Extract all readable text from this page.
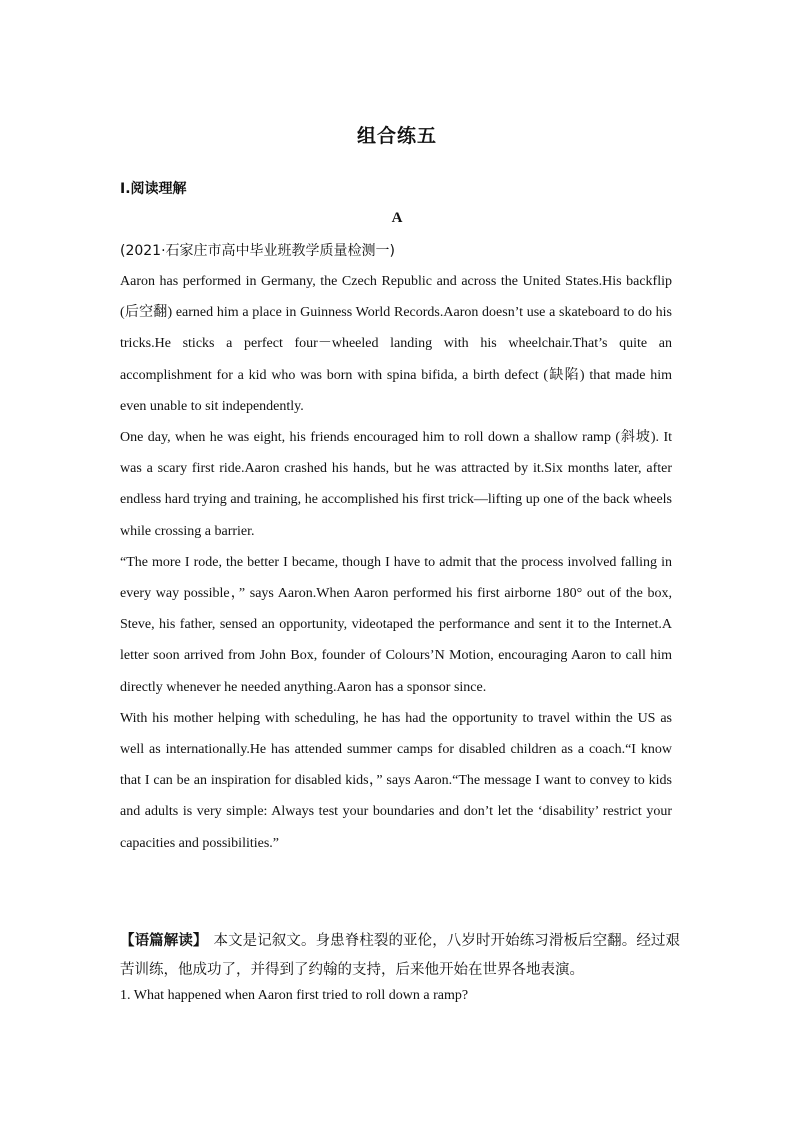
组合练五
Ⅰ.阅读理解
A
(2021·石家庄市高中毕业班教学质量检测一)

Aaron has performed in Germany, the Czech Republic and across the United States.His backflip (后空翻) earned him a place in Guinness World Records.Aaron doesn’t use a skateboard to do his tricks.He sticks a perfect four－wheeled landing with his wheelchair.That’s quite an accomplishment for a kid who was born with spina bifida, a birth defect (缺陷) that made him even unable to sit independently.

One day, when he was eight, his friends encouraged him to roll down a shallow ramp (斜坡). It was a scary first ride.Aaron crashed his hands, but he was attracted by it.Six months later, after endless hard trying and training, he accomplished his first trick—lifting up one of the back wheels while crossing a barrier.

“The more I rode, the better I became, though I have to admit that the process involved falling in every way possible，” says Aaron.When Aaron performed his first airborne 180° out of the box, Steve, his father, sensed an opportunity, videotaped the performance and sent it to the Internet.A letter soon arrived from John Box, founder of Colours’N Motion, encouraging Aaron to call him directly whenever he needed anything.Aaron has a sponsor since.

With his mother helping with scheduling, he has had the opportunity to travel within the US as well as internationally.He has attended summer camps for disabled children as a coach.“I know that I can be an inspiration for disabled kids，” says Aaron.“The message I want to convey to kids and adults is very simple: Always test your boundaries and don’t let the ‘disability’ restrict your capacities and possibilities.”

【语篇解读】 本文是记叙文。身患脊柱裂的亚伦，八岁时开始练习滑板后空翻。经过艰苦训练，他成功了，并得到了约翰的支持，后来他开始在世界各地表演。
1. What happened when Aaron first tried to roll down a ramp?
